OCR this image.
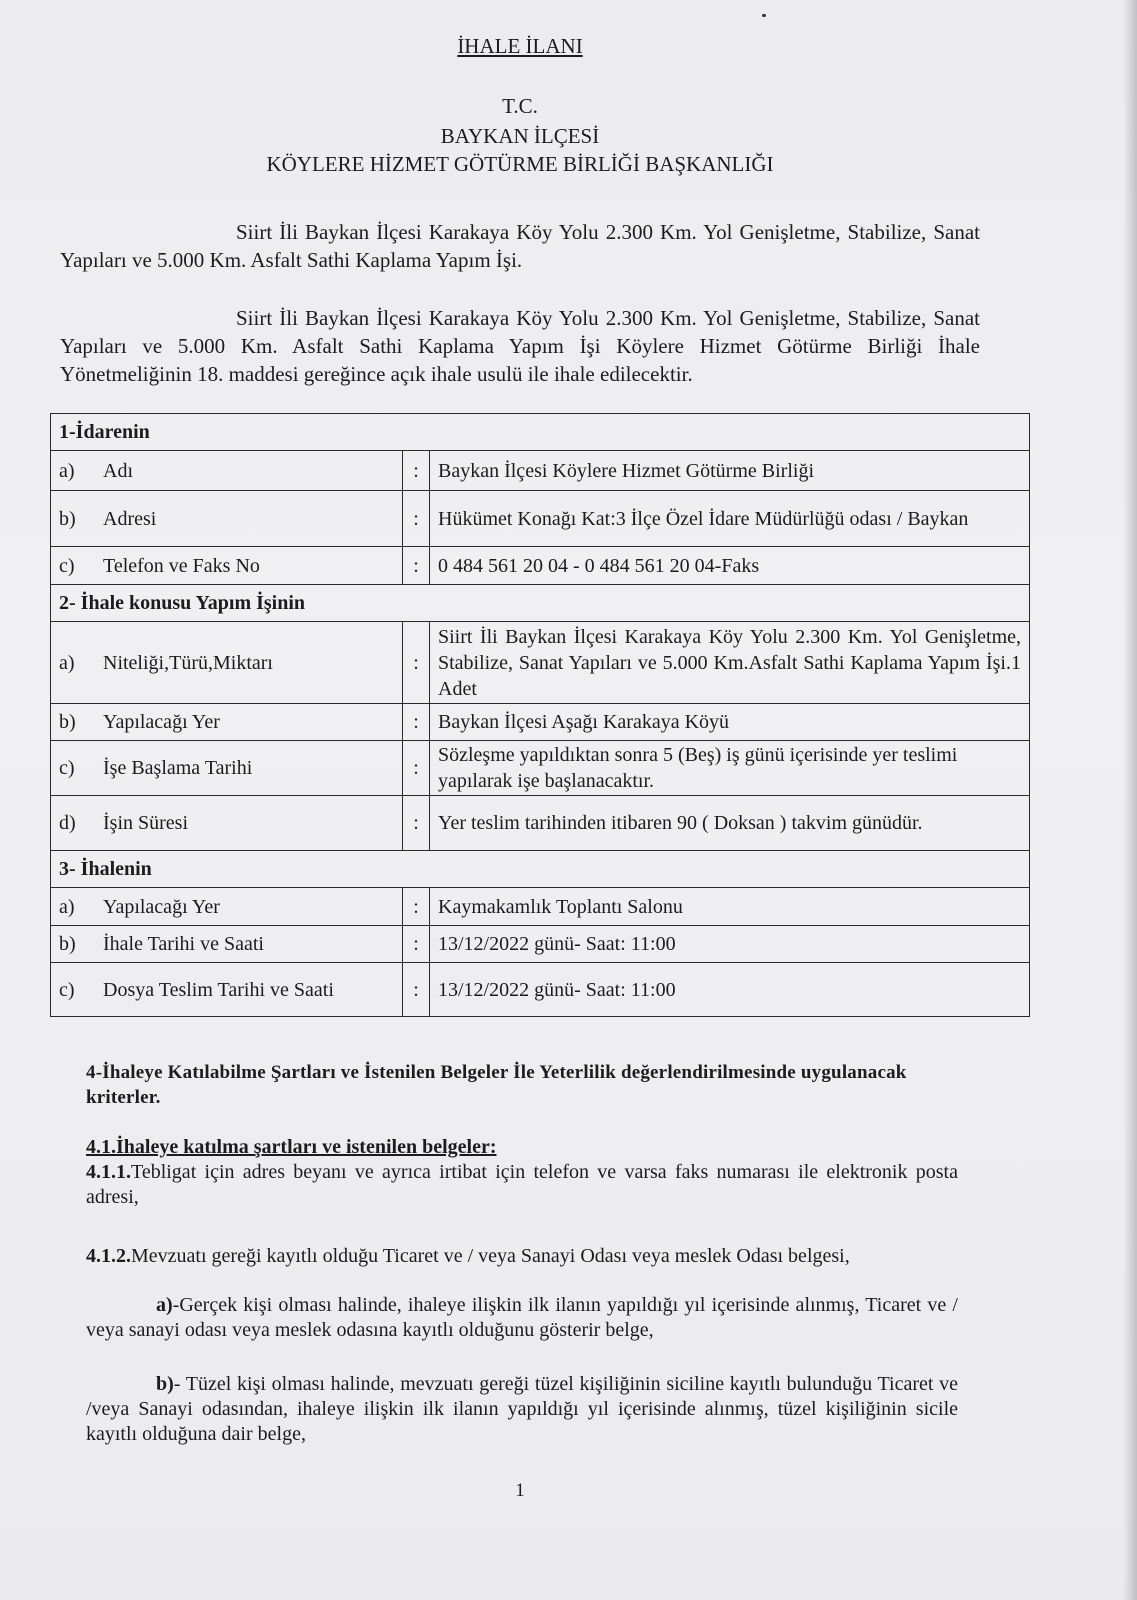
İHALE İLANI
T.C.
BAYKAN İLÇESİ
KÖYLERE HİZMET GÖTÜRME BİRLİĞİ BAŞKANLIĞI
Siirt İli Baykan İlçesi Karakaya Köy Yolu 2.300 Km. Yol Genişletme, Stabilize, Sanat Yapıları ve 5.000 Km. Asfalt Sathi Kaplama Yapım İşi.
Siirt İli Baykan İlçesi Karakaya Köy Yolu 2.300 Km. Yol Genişletme, Stabilize, Sanat Yapıları ve 5.000 Km. Asfalt Sathi Kaplama Yapım İşi Köylere Hizmet Götürme Birliği İhale Yönetmeliğinin 18. maddesi gereğince açık ihale usulü ile ihale edilecektir.
1-İdarenin		
a) Adı	:	Baykan İlçesi Köylere Hizmet Götürme Birliği
b) Adresi	:	Hükümet Konağı Kat:3 İlçe Özel İdare Müdürlüğü odası / Baykan
c) Telefon ve Faks No	:	0 484 561 20 04 - 0 484 561 20 04-Faks
2- İhale konusu Yapım İşinin		
a) Niteliği,Türü,Miktarı	:	Siirt İli Baykan İlçesi Karakaya Köy Yolu 2.300 Km. Yol Genişletme, Stabilize, Sanat Yapıları ve 5.000 Km.Asfalt Sathi Kaplama Yapım İşi.1 Adet
b) Yapılacağı Yer	:	Baykan İlçesi Aşağı Karakaya Köyü
c) İşe Başlama Tarihi	:	Sözleşme yapıldıktan sonra 5 (Beş) iş günü içerisinde yer teslimi yapılarak işe başlanacaktır.
d) İşin Süresi	:	Yer teslim tarihinden itibaren 90 ( Doksan ) takvim günüdür.
3- İhalenin		
a) Yapılacağı Yer	:	Kaymakamlık Toplantı Salonu
b) İhale Tarihi ve Saati	:	13/12/2022 günü- Saat: 11:00
c) Dosya Teslim Tarihi ve Saati	:	13/12/2022 günü- Saat: 11:00
4-İhaleye Katılabilme Şartları ve İstenilen Belgeler İle Yeterlilik değerlendirilmesinde uygulanacak kriterler.
4.1.İhaleye katılma şartları ve istenilen belgeler:
4.1.1.Tebligat için adres beyanı ve ayrıca irtibat için telefon ve varsa faks numarası ile elektronik posta adresi,
4.1.2.Mevzuatı gereği kayıtlı olduğu Ticaret ve / veya Sanayi Odası veya meslek Odası belgesi,
a)-Gerçek kişi olması halinde, ihaleye ilişkin ilk ilanın yapıldığı yıl içerisinde alınmış, Ticaret ve / veya sanayi odası veya meslek odasına kayıtlı olduğunu gösterir belge,
b)- Tüzel kişi olması halinde, mevzuatı gereği tüzel kişiliğinin siciline kayıtlı bulunduğu Ticaret ve /veya Sanayi odasından, ihaleye ilişkin ilk ilanın yapıldığı yıl içerisinde alınmış, tüzel kişiliğinin sicile kayıtlı olduğuna dair belge,
1
